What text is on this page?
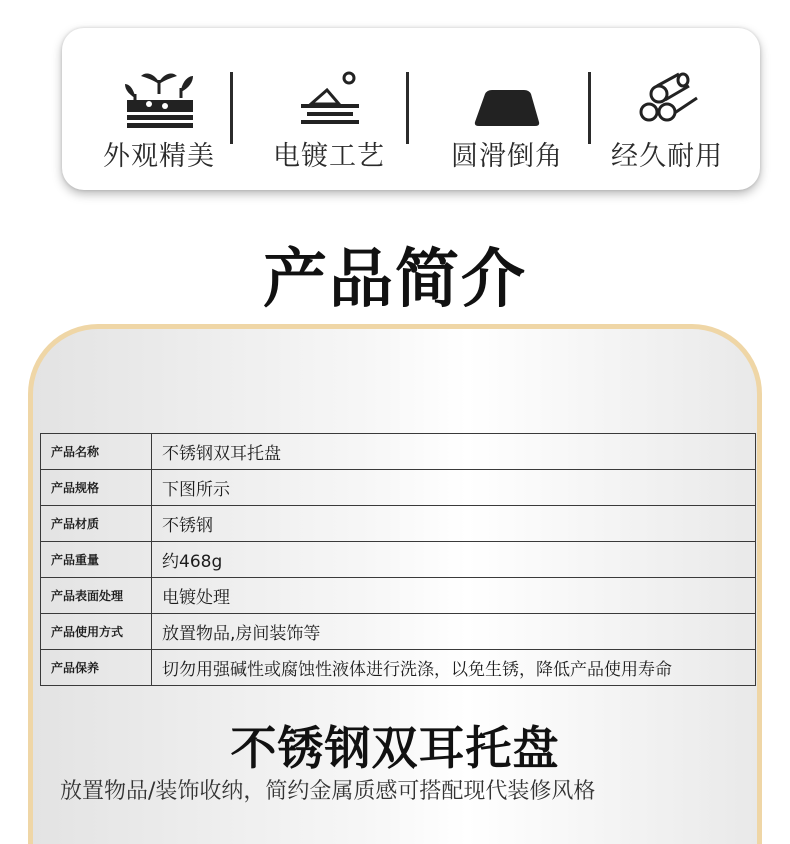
外观精美	电镀工艺	圆滑倒角	经久耐用
产品简介
产品名称	不锈钢双耳托盘
产品规格	下图所示
产品材质	不锈钢
产品重量	约468g
产品表面处理	电镀处理
产品使用方式	放置物品,房间装饰等
产品保养	切勿用强碱性或腐蚀性液体进行洗涤，以免生锈，降低产品使用寿命
不锈钢双耳托盘
放置物品/装饰收纳，简约金属质感可搭配现代装修风格
